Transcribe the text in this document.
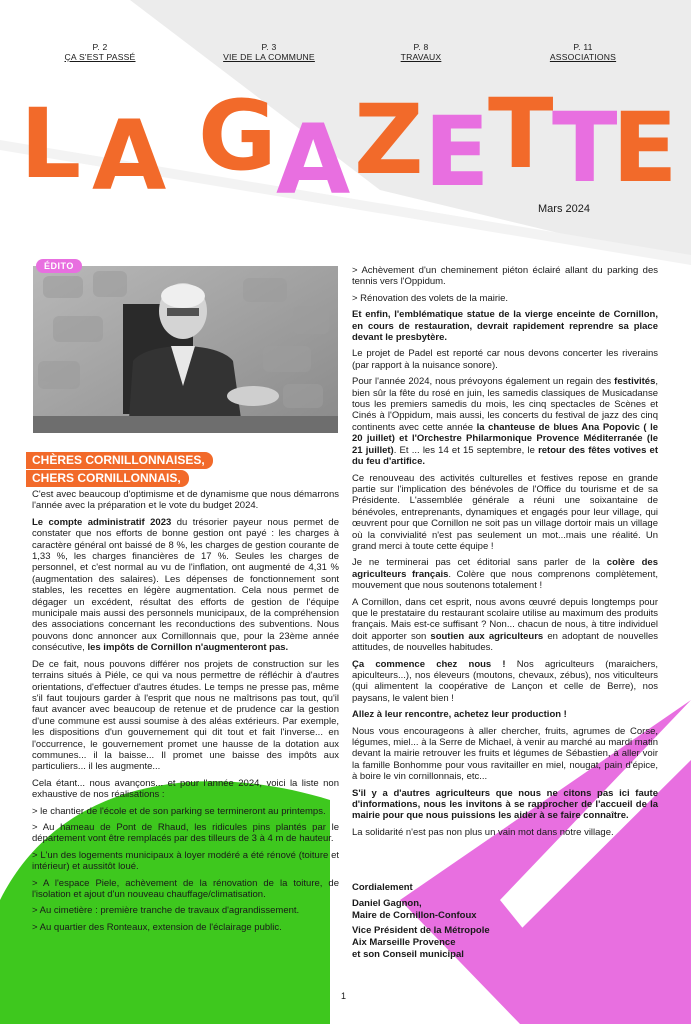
P. 2
ÇA S'EST PASSÉ
P. 3
VIE DE LA COMMUNE
P. 8
TRAVAUX
P. 11
ASSOCIATIONS
L A G A Z E
T
T
E
Mars 2024
ÉDITO
CHÈRES CORNILLONNAISES,
CHERS CORNILLONNAIS,

C'est avec beaucoup d'optimisme et de dynamisme que nous démarrons l'année avec la préparation et le vote du budget 2024.

Le compte administratif 2023 du trésorier payeur nous permet de constater que nos efforts de bonne gestion ont payé : les charges à caractère général ont baissé de 8 %, les charges de gestion courante de 1,33 %, les charges financières de 17 %. Seules les charges de personnel, et c'est normal au vu de l'inflation, ont augmenté de 4,31 % (augmentation des salaires). Les dépenses de fonctionnement sont stables, les recettes en légère augmentation. Cela nous permet de dégager un excédent, résultat des efforts de gestion de l'équipe municipale mais aussi des personnels municipaux, de la compréhension des associations concernant les reconductions des subventions. Nous pouvons donc annoncer aux Cornillonnais que, pour la 23ème année consécutive, les impôts de Cornillon n'augmenteront pas.

De ce fait, nous pouvons différer nos projets de construction sur les terrains situés à Piéle, ce qui va nous permettre de réfléchir à d'autres orientations, d'effectuer d'autres études. Le temps ne presse pas, même s'il faut toujours garder à l'esprit que nous ne maîtrisons pas tout, qu'il faut avancer avec beaucoup de retenue et de prudence car la gestion d'une commune est aussi soumise à des aléas extérieurs. Par exemple, les dispositions d'un gouvernement qui dit tout et fait l'inverse... en l'occurrence, le gouvernement promet une hausse de la dotation aux communes... il la baisse... Il promet une baisse des impôts aux particuliers... il les augmente...

Cela étant... nous avançons... et pour l'année 2024, voici la liste non exhaustive de nos réalisations :

> le chantier de l'école et de son parking se termineront au printemps.

> Au hameau de Pont de Rhaud, les ridicules pins plantés par le département vont être remplacés par des tilleurs de 3 à 4 m de hauteur.

> L'un des logements municipaux à loyer modéré a été rénové (toiture et intérieur) et aussitôt loué.

> A l'espace Piele, achèvement de la rénovation de la toiture, de l'isolation et ajout d'un nouveau chauffage/climatisation.

> Au cimetière : première tranche de travaux d'agrandissement.

> Au quartier des Ronteaux, extension de l'éclairage public.

> Achèvement d'un cheminement piéton éclairé allant du parking des tennis vers l'Oppidum.

> Rénovation des volets de la mairie.

Et enfin, l'emblématique statue de la vierge enceinte de Cornillon, en cours de restauration, devrait rapidement reprendre sa place devant le presbytère.

Le projet de Padel est reporté car nous devons concerter les riverains (par rapport à la nuisance sonore).

Pour l'année 2024, nous prévoyons également un regain des festivités, bien sûr la fête du rosé en juin, les samedis classiques de Musicadanse tous les premiers samedis du mois, les cinq spectacles de Scènes et Cinés à l'Oppidum, mais aussi, les concerts du festival de jazz des cinq continents avec cette année la chanteuse de blues Ana Popovic ( le 20 juillet) et l'Orchestre Philarmonique Provence Méditerranée (le 21 juillet). Et ... les 14 et 15 septembre, le retour des fêtes votives et du feu d'artifice.

Ce renouveau des activités culturelles et festives repose en grande partie sur l'implication des bénévoles de l'Office du tourisme et de sa Présidente. L'assemblée générale a réuni une soixantaine de bénévoles, entreprenants, dynamiques et engagés pour leur village, qui œuvrent pour que Cornillon ne soit pas un village dortoir mais un village où la convivialité n'est pas seulement un mot...mais une réalité. Un grand merci à toute cette équipe !

Je ne terminerai pas cet éditorial sans parler de la colère des agriculteurs français. Colère que nous comprenons complètement, mouvement que nous soutenons totalement !

A Cornillon, dans cet esprit, nous avons œuvré depuis longtemps pour que le prestataire du restaurant scolaire utilise au maximum des produits français. Mais est-ce suffisant ? Non... chacun de nous, à titre individuel doit apporter son soutien aux agriculteurs en adoptant de nouvelles attitudes, de nouvelles habitudes.

Ça commence chez nous ! Nos agriculteurs (maraichers, apiculteurs...), nos éleveurs (moutons, chevaux, zébus), nos viticulteurs (qui alimentent la coopérative de Lançon et celle de Berre), nos paysans, le valent bien !

Allez à leur rencontre, achetez leur production !

Nous vous encourageons à aller chercher, fruits, agrumes de Corse, légumes, miel... à la Serre de Michael, à venir au marché au mardi matin devant la mairie retrouver les fruits et légumes de Sébastien, à aller voir la famille Bonhomme pour vous ravitailler en miel, nougat, pain d'épice, à boire le vin cornillonnais, etc...

S'il y a d'autres agriculteurs que nous ne citons pas ici faute d'informations, nous les invitons à se rapprocher de l'accueil de la mairie pour que nous puissions les aider à se faire connaître.

La solidarité n'est pas non plus un vain mot dans notre village.

Cordialement
Daniel Gagnon,
Maire de Cornillon-Confoux
Vice Président de la Métropole
Aix Marseille Provence
et son Conseil municipal
1
